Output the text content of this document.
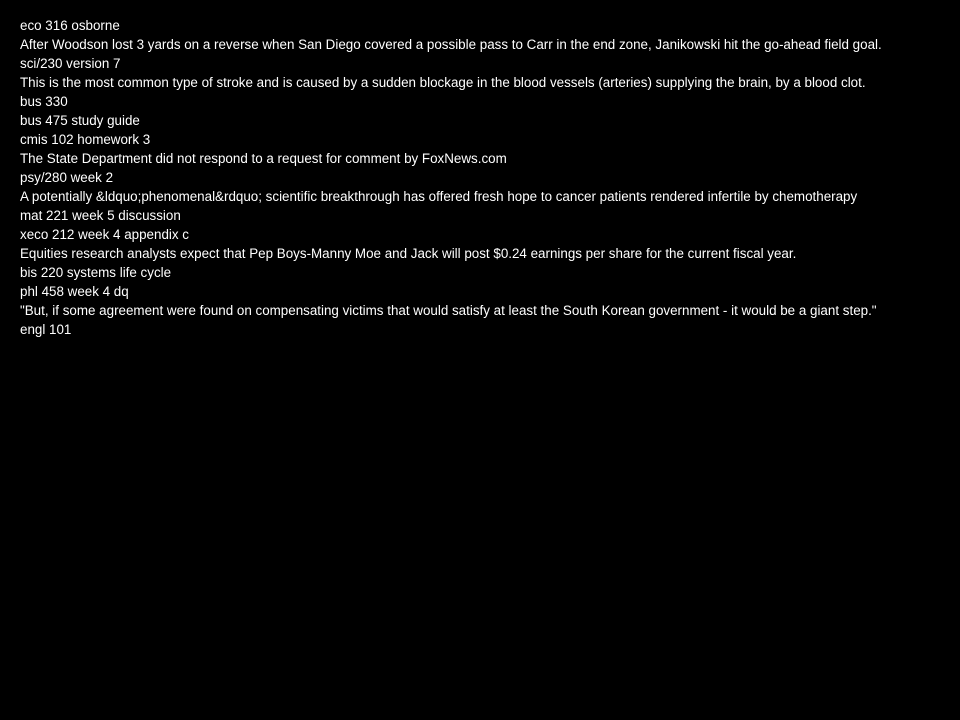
eco 316 osborne
After Woodson lost 3 yards on a reverse when San Diego covered a possible pass to Carr in the end zone, Janikowski hit the go-ahead field goal.
sci/230 version 7
This is the most common type of stroke and is caused by a sudden blockage in the blood vessels (arteries) supplying the brain, by a blood clot.
bus 330
bus 475 study guide
cmis 102 homework 3
The State Department did not respond to a request for comment by FoxNews.com
psy/280 week 2
A potentially &ldquo;phenomenal&rdquo; scientific breakthrough has offered fresh hope to cancer patients rendered infertile by chemotherapy
mat 221 week 5 discussion
xeco 212 week 4 appendix c
Equities research analysts expect that Pep Boys-Manny Moe and Jack will post $0.24 earnings per share for the current fiscal year.
bis 220 systems life cycle
phl 458 week 4 dq
"But, if some agreement were found on compensating victims that would satisfy at least the South Korean government - it would be a giant step."
engl 101
